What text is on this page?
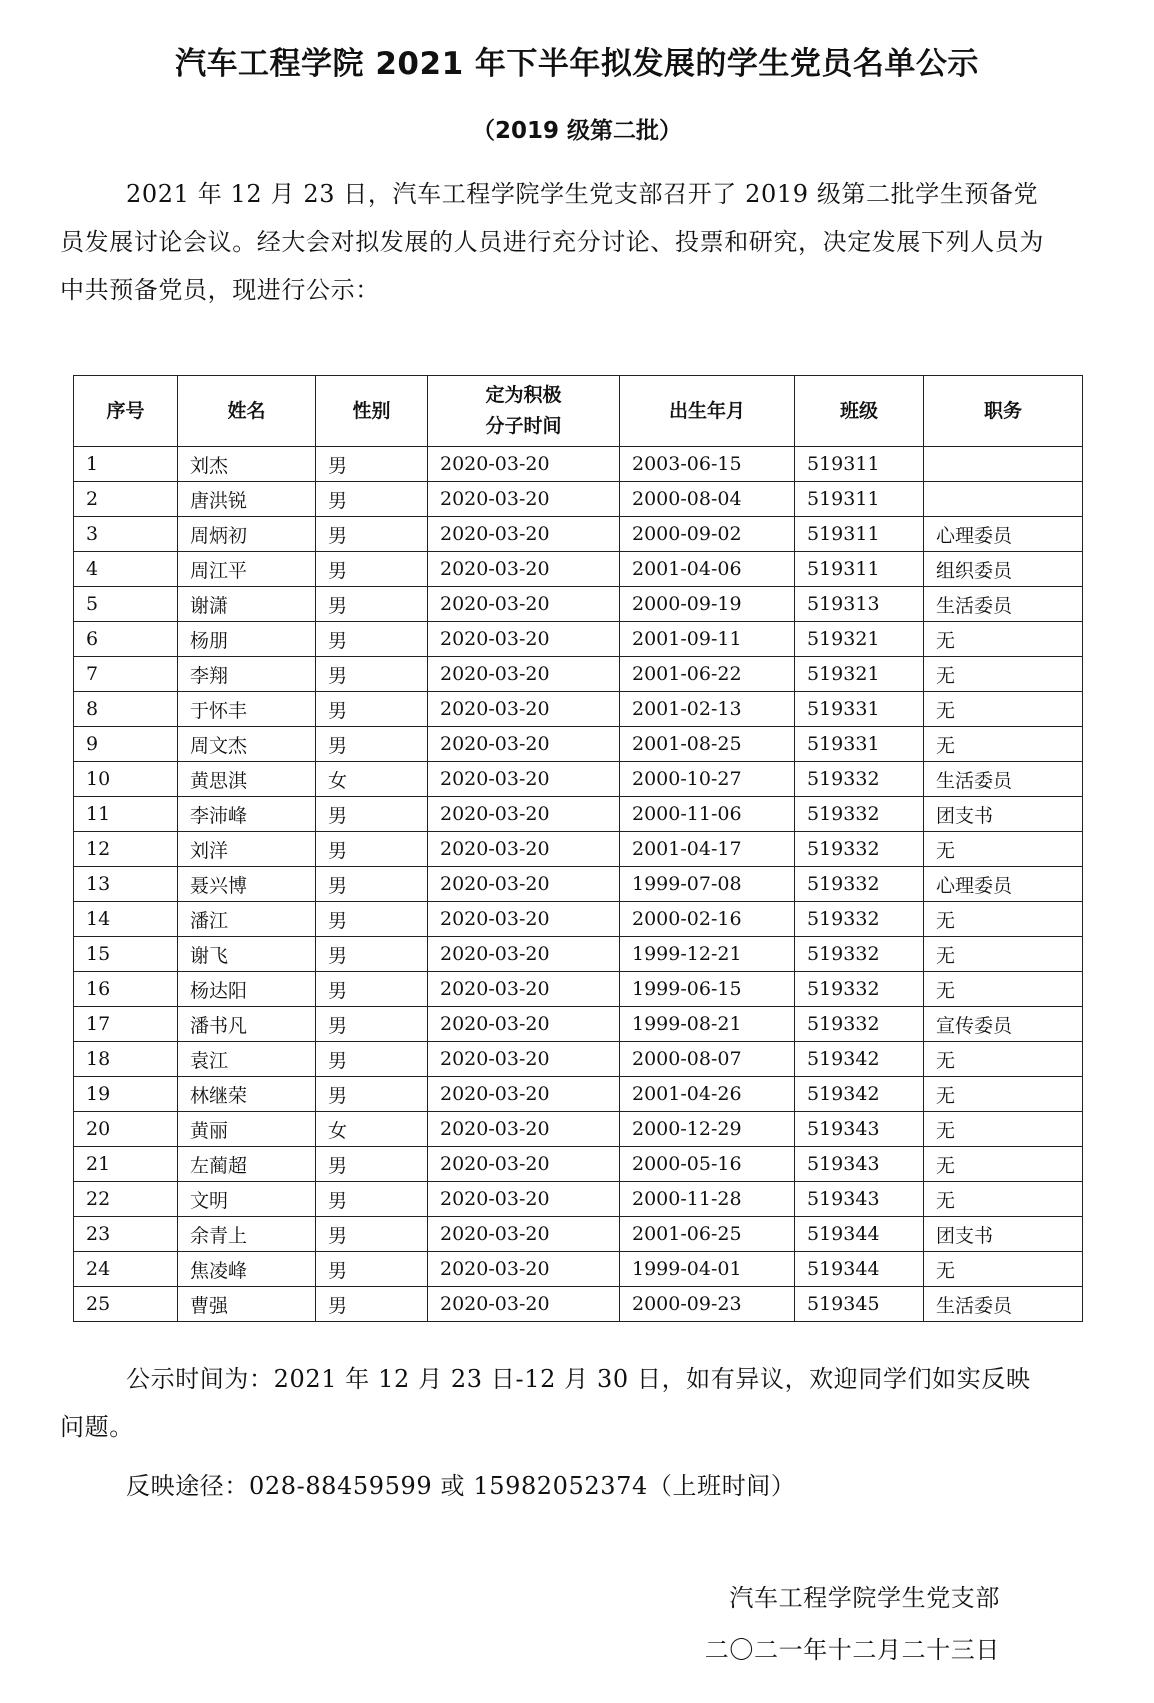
汽车工程学院 2021 年下半年拟发展的学生党员名单公示
（2019 级第二批）

2021 年 12 月 23 日，汽车工程学院学生党支部召开了 2019 级第二批学生预备党员发展讨论会议。经大会对拟发展的人员进行充分讨论、投票和研究，决定发展下列人员为中共预备党员，现进行公示：

序号	姓名	性别	定为积极
分子时间	出生年月	班级	职务
1	刘杰	男	2020-03-20	2003-06-15	519311	
2	唐洪锐	男	2020-03-20	2000-08-04	519311	
3	周炳初	男	2020-03-20	2000-09-02	519311	心理委员
4	周江平	男	2020-03-20	2001-04-06	519311	组织委员
5	谢潇	男	2020-03-20	2000-09-19	519313	生活委员
6	杨朋	男	2020-03-20	2001-09-11	519321	无
7	李翔	男	2020-03-20	2001-06-22	519321	无
8	于怀丰	男	2020-03-20	2001-02-13	519331	无
9	周文杰	男	2020-03-20	2001-08-25	519331	无
10	黄思淇	女	2020-03-20	2000-10-27	519332	生活委员
11	李沛峰	男	2020-03-20	2000-11-06	519332	团支书
12	刘洋	男	2020-03-20	2001-04-17	519332	无
13	聂兴博	男	2020-03-20	1999-07-08	519332	心理委员
14	潘江	男	2020-03-20	2000-02-16	519332	无
15	谢飞	男	2020-03-20	1999-12-21	519332	无
16	杨达阳	男	2020-03-20	1999-06-15	519332	无
17	潘书凡	男	2020-03-20	1999-08-21	519332	宣传委员
18	袁江	男	2020-03-20	2000-08-07	519342	无
19	林继荣	男	2020-03-20	2001-04-26	519342	无
20	黄丽	女	2020-03-20	2000-12-29	519343	无
21	左蔺超	男	2020-03-20	2000-05-16	519343	无
22	文明	男	2020-03-20	2000-11-28	519343	无
23	余青上	男	2020-03-20	2001-06-25	519344	团支书
24	焦凌峰	男	2020-03-20	1999-04-01	519344	无
25	曹强	男	2020-03-20	2000-09-23	519345	生活委员

公示时间为：2021 年 12 月 23 日-12 月 30 日，如有异议，欢迎同学们如实反映问题。

反映途径：028-88459599 或 15982052374（上班时间）

汽车工程学院学生党支部
二〇二一年十二月二十三日
